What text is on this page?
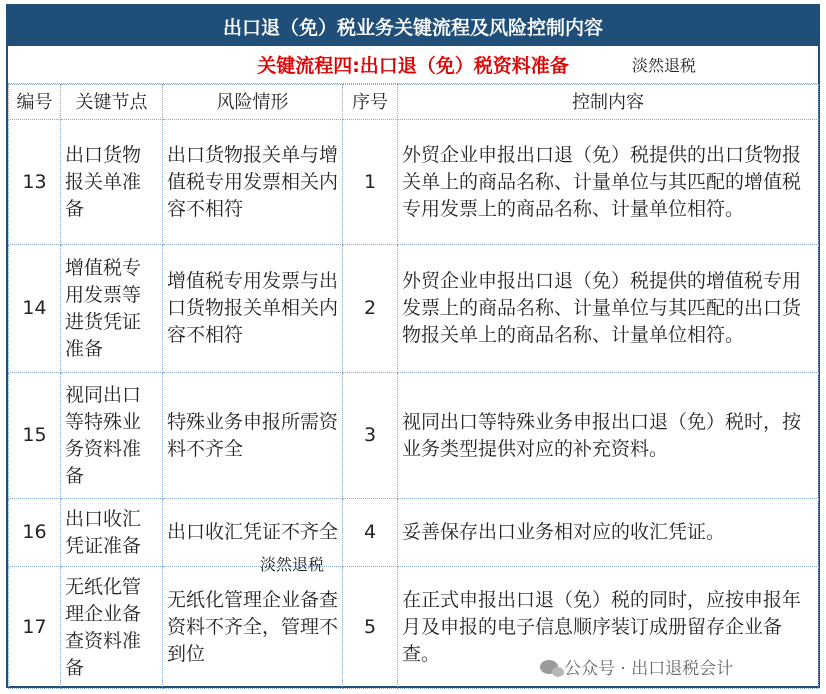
出口退（免）税业务关键流程及风险控制内容
关键流程四:出口退（免）税资料准备	淡然退税
编号	关键节点	风险情形	序号	控制内容
13	出口货物报关单准备	出口货物报关单与增值税专用发票相关内容不相符	1	外贸企业申报出口退（免）税提供的出口货物报关单上的商品名称、计量单位与其匹配的增值税专用发票上的商品名称、计量单位相符。
14	增值税专用发票等进货凭证准备	增值税专用发票与出口货物报关单相关内容不相符	2	外贸企业申报出口退（免）税提供的增值税专用发票上的商品名称、计量单位与其匹配的出口货物报关单上的商品名称、计量单位相符。
15	视同出口等特殊业务资料准备	特殊业务申报所需资料不齐全	3	视同出口等特殊业务申报出口退（免）税时，按业务类型提供对应的补充资料。
16	出口收汇凭证准备	出口收汇凭证不齐全	4	妥善保存出口业务相对应的收汇凭证。
17	无纸化管理企业备查资料准备	无纸化管理企业备查资料不齐全，管理不到位	5	在正式申报出口退（免）税的同时，应按申报年月及申报的电子信息顺序装订成册留存企业备查。
淡然退税
公众号 · 出口退税会计
